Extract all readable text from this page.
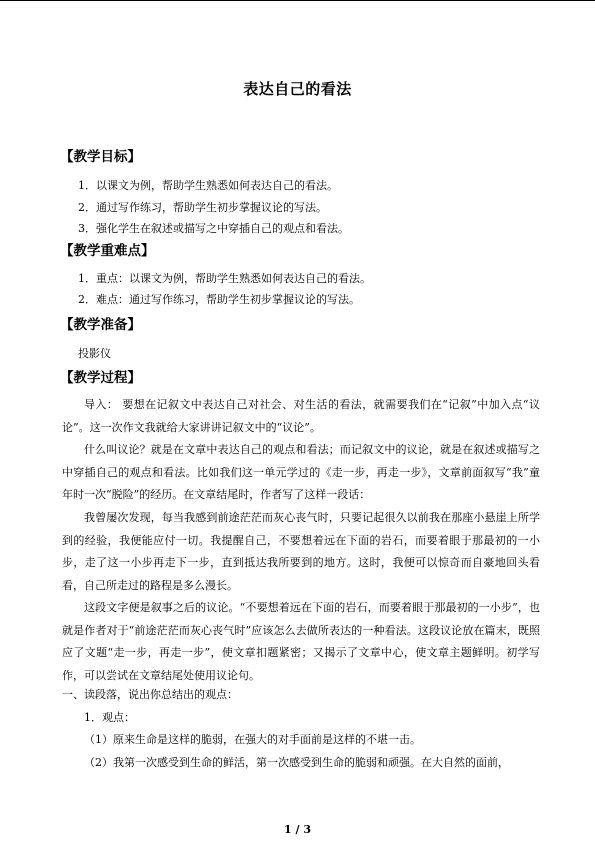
表达自己的看法
【教学目标】
1．以课文为例，帮助学生熟悉如何表达自己的看法。
2．通过写作练习，帮助学生初步掌握议论的写法。
3．强化学生在叙述或描写之中穿插自己的观点和看法。
【教学重难点】
1．重点：以课文为例，帮助学生熟悉如何表达自己的看法。
2．难点：通过写作练习，帮助学生初步掌握议论的写法。
【教学准备】
投影仪
【教学过程】

导入： 要想在记叙文中表达自己对社会、对生活的看法，就需要我们在“记叙”中加入点“议论”。这一次作文我就给大家讲讲记叙文中的“议论”。

什么叫议论？就是在文章中表达自己的观点和看法；而记叙文中的议论，就是在叙述或描写之中穿插自己的观点和看法。比如我们这一单元学过的《走一步，再走一步》，文章前面叙写“我”童年时一次“脱险”的经历。在文章结尾时，作者写了这样一段话：

我曾屡次发现，每当我感到前途茫茫而灰心丧气时，只要记起很久以前我在那座小悬崖上所学到的经验，我便能应付一切。我提醒自己，不要想着远在下面的岩石，而要着眼于那最初的一小步，走了这一小步再走下一步，直到抵达我所要到的地方。这时，我便可以惊奇而自豪地回头看看，自己所走过的路程是多么漫长。

这段文字便是叙事之后的议论。“不要想着远在下面的岩石，而要着眼于那最初的一小步”，也就是作者对于“前途茫茫而灰心丧气时”应该怎么去做所表达的一种看法。这段议论放在篇末，既照应了文题“走一步，再走一步”，使文章扣题紧密；又揭示了文章中心，使文章主题鲜明。初学写作，可以尝试在文章结尾处使用议论句。

一、读段落，说出你总结出的观点：
1．观点：
（1）原来生命是这样的脆弱，在强大的对手面前是这样的不堪一击。
（2）我第一次感受到生命的鲜活，第一次感受到生命的脆弱和顽强。在大自然的面前，
1 / 3
